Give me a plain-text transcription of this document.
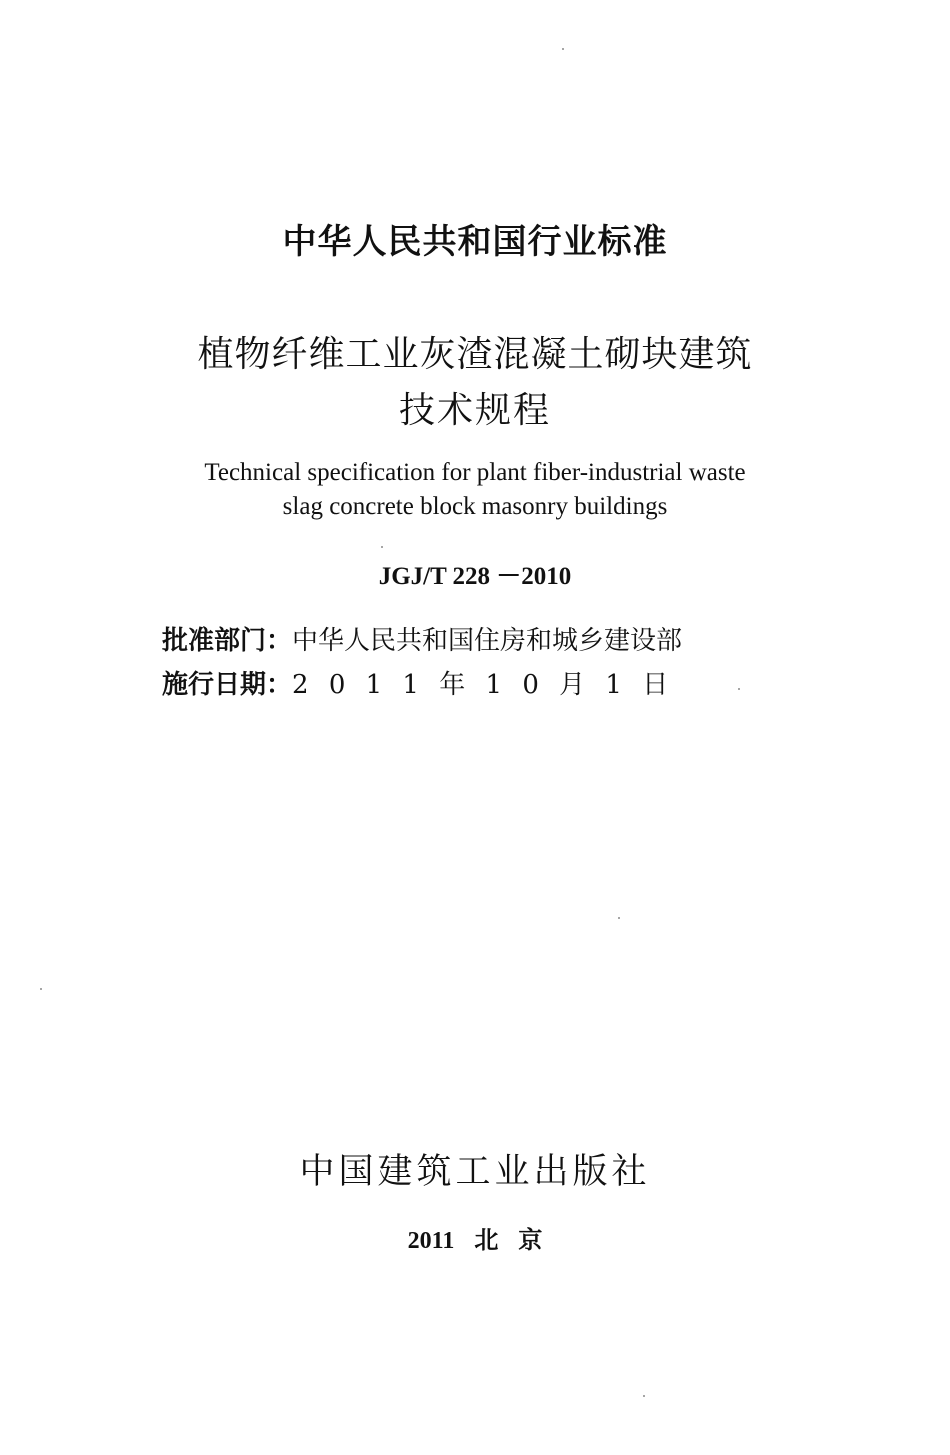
中华人民共和国行业标准
植物纤维工业灰渣混凝土砌块建筑
技术规程
Technical specification for plant fiber-industrial waste
slag concrete block masonry buildings
JGJ/T 228 －2010
批准部门：中华人民共和国住房和城乡建设部
施行日期：2 0 1 1 年 1 0 月 1 日
中国建筑工业出版社
2011 北 京
